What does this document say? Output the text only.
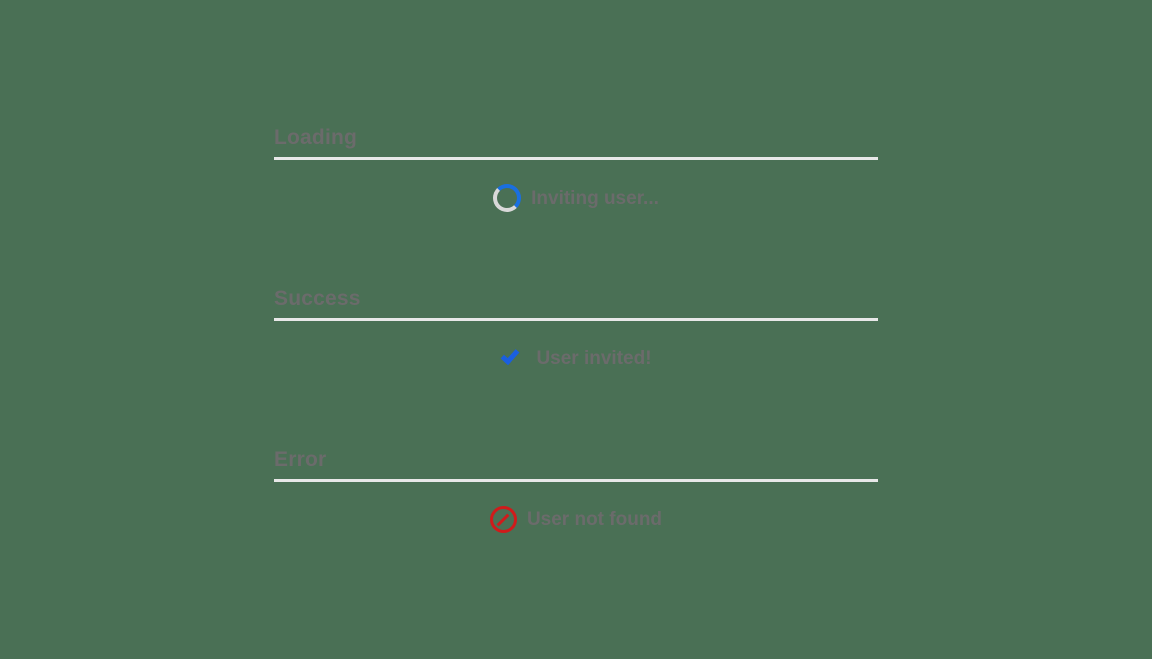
Loading
Inviting user...
Success
User invited!
Error
User not found
